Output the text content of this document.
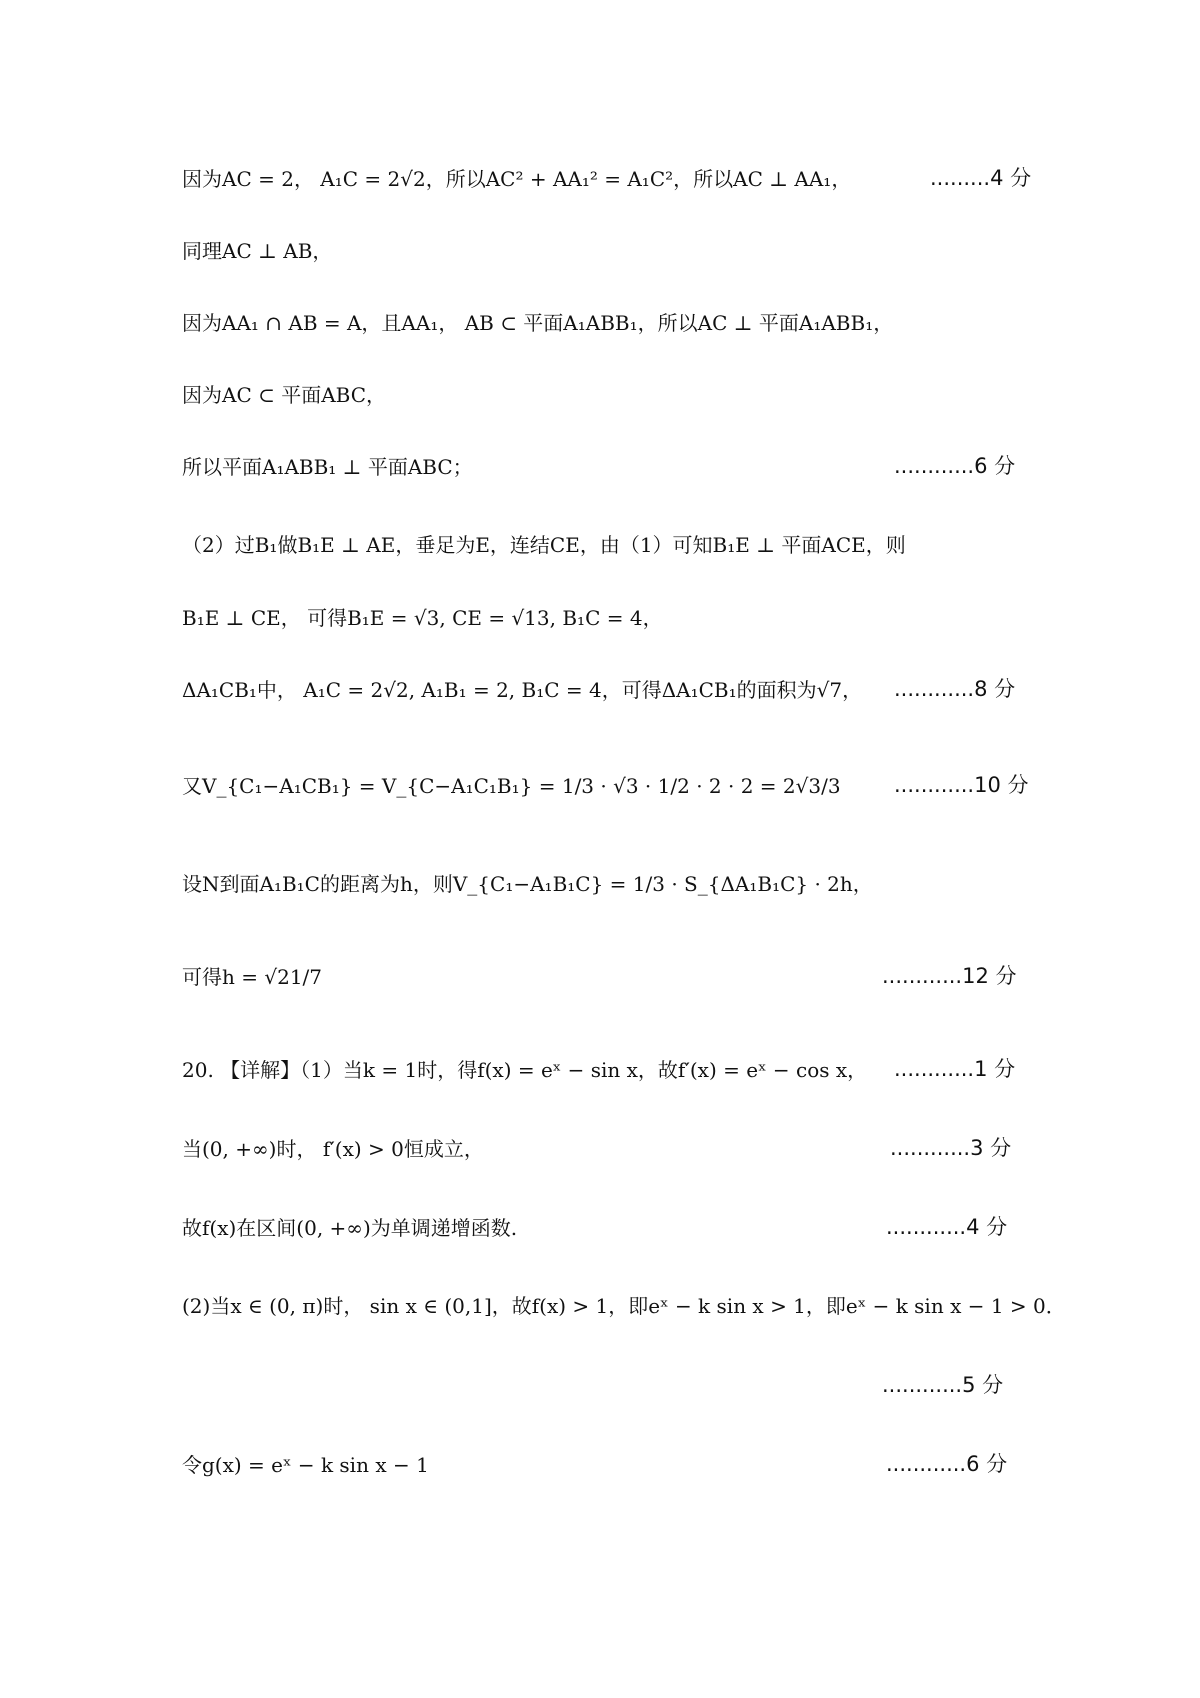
因为AC = 2， A₁C = 2√2，所以AC² + AA₁² = A₁C²，所以AC ⊥ AA₁，	.........4 分
同理AC ⊥ AB，
因为AA₁ ∩ AB = A，且AA₁， AB ⊂ 平面A₁ABB₁，所以AC ⊥ 平面A₁ABB₁，
因为AC ⊂ 平面ABC，
所以平面A₁ABB₁ ⊥ 平面ABC；	............6 分
（2）过B₁做B₁E ⊥ AE，垂足为E，连结CE，由（1）可知B₁E ⊥ 平面ACE，则
B₁E ⊥ CE， 可得B₁E = √3, CE = √13, B₁C = 4，
ΔA₁CB₁中， A₁C = 2√2, A₁B₁ = 2, B₁C = 4，可得ΔA₁CB₁的面积为√7，	............8 分
又V_{C₁−A₁CB₁} = V_{C−A₁C₁B₁} = 1/3 · √3 · 1/2 · 2 · 2 = 2√3/3	............10 分
设N到面A₁B₁C的距离为h，则V_{C₁−A₁B₁C} = 1/3 · S_{ΔA₁B₁C} · 2h，
可得h = √21/7	............12 分
20. 【详解】（1）当k = 1时，得f(x) = eˣ − sin x，故f′(x) = eˣ − cos x，	............1 分
当(0, +∞)时， f′(x) > 0恒成立，	............3 分
故f(x)在区间(0, +∞)为单调递增函数.	............4 分
(2)当x ∈ (0, π)时， sin x ∈ (0,1]，故f(x) > 1，即eˣ − k sin x > 1，即eˣ − k sin x − 1 > 0．
............5 分
令g(x) = eˣ − k sin x − 1	............6 分
